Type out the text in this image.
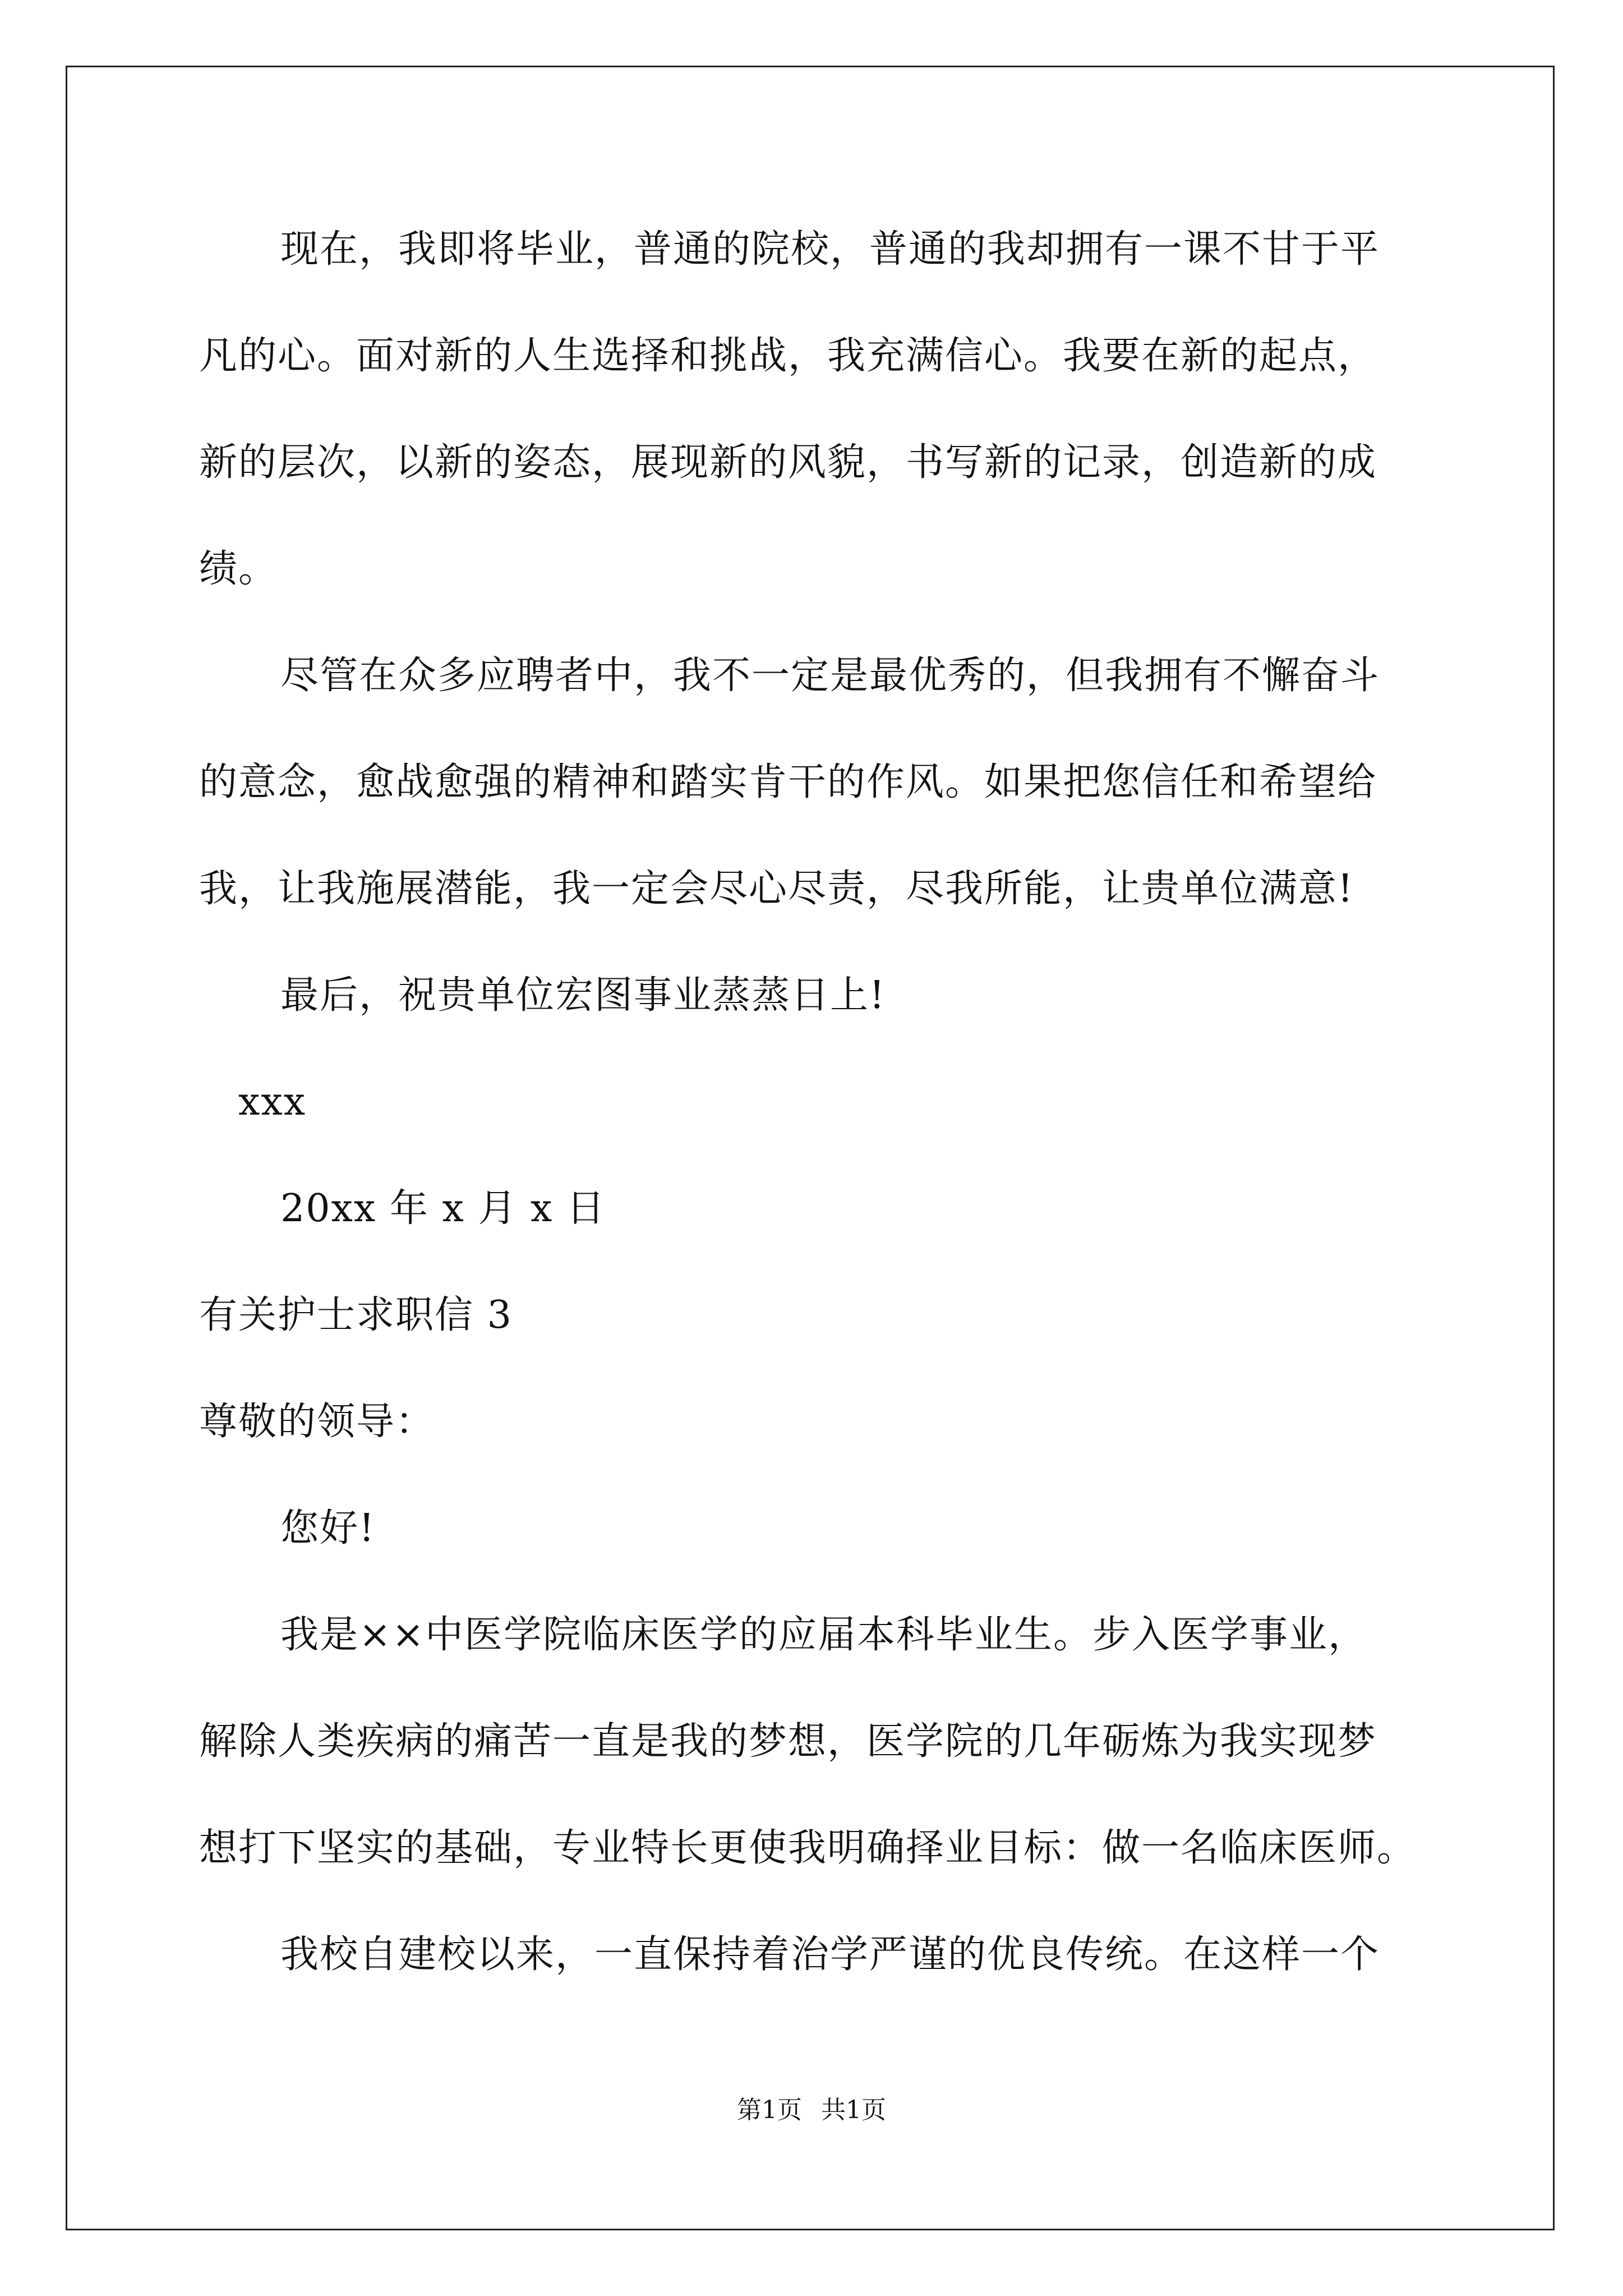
现在，我即将毕业，普通的院校，普通的我却拥有一课不甘于平
凡的心。面对新的人生选择和挑战，我充满信心。我要在新的起点，
新的层次，以新的姿态，展现新的风貌，书写新的记录，创造新的成
绩。
尽管在众多应聘者中，我不一定是最优秀的，但我拥有不懈奋斗
的意念，愈战愈强的精神和踏实肯干的作风。如果把您信任和希望给
我，让我施展潜能，我一定会尽心尽责，尽我所能，让贵单位满意!
最后，祝贵单位宏图事业蒸蒸日上!
xxx
20xx 年 x 月 x 日
有关护士求职信 3
尊敬的领导：
您好!
我是××中医学院临床医学的应届本科毕业生。步入医学事业，
解除人类疾病的痛苦一直是我的梦想，医学院的几年砺炼为我实现梦
想打下坚实的基础，专业特长更使我明确择业目标：做一名临床医师。
我校自建校以来，一直保持着治学严谨的优良传统。在这样一个
第1页 共1页
